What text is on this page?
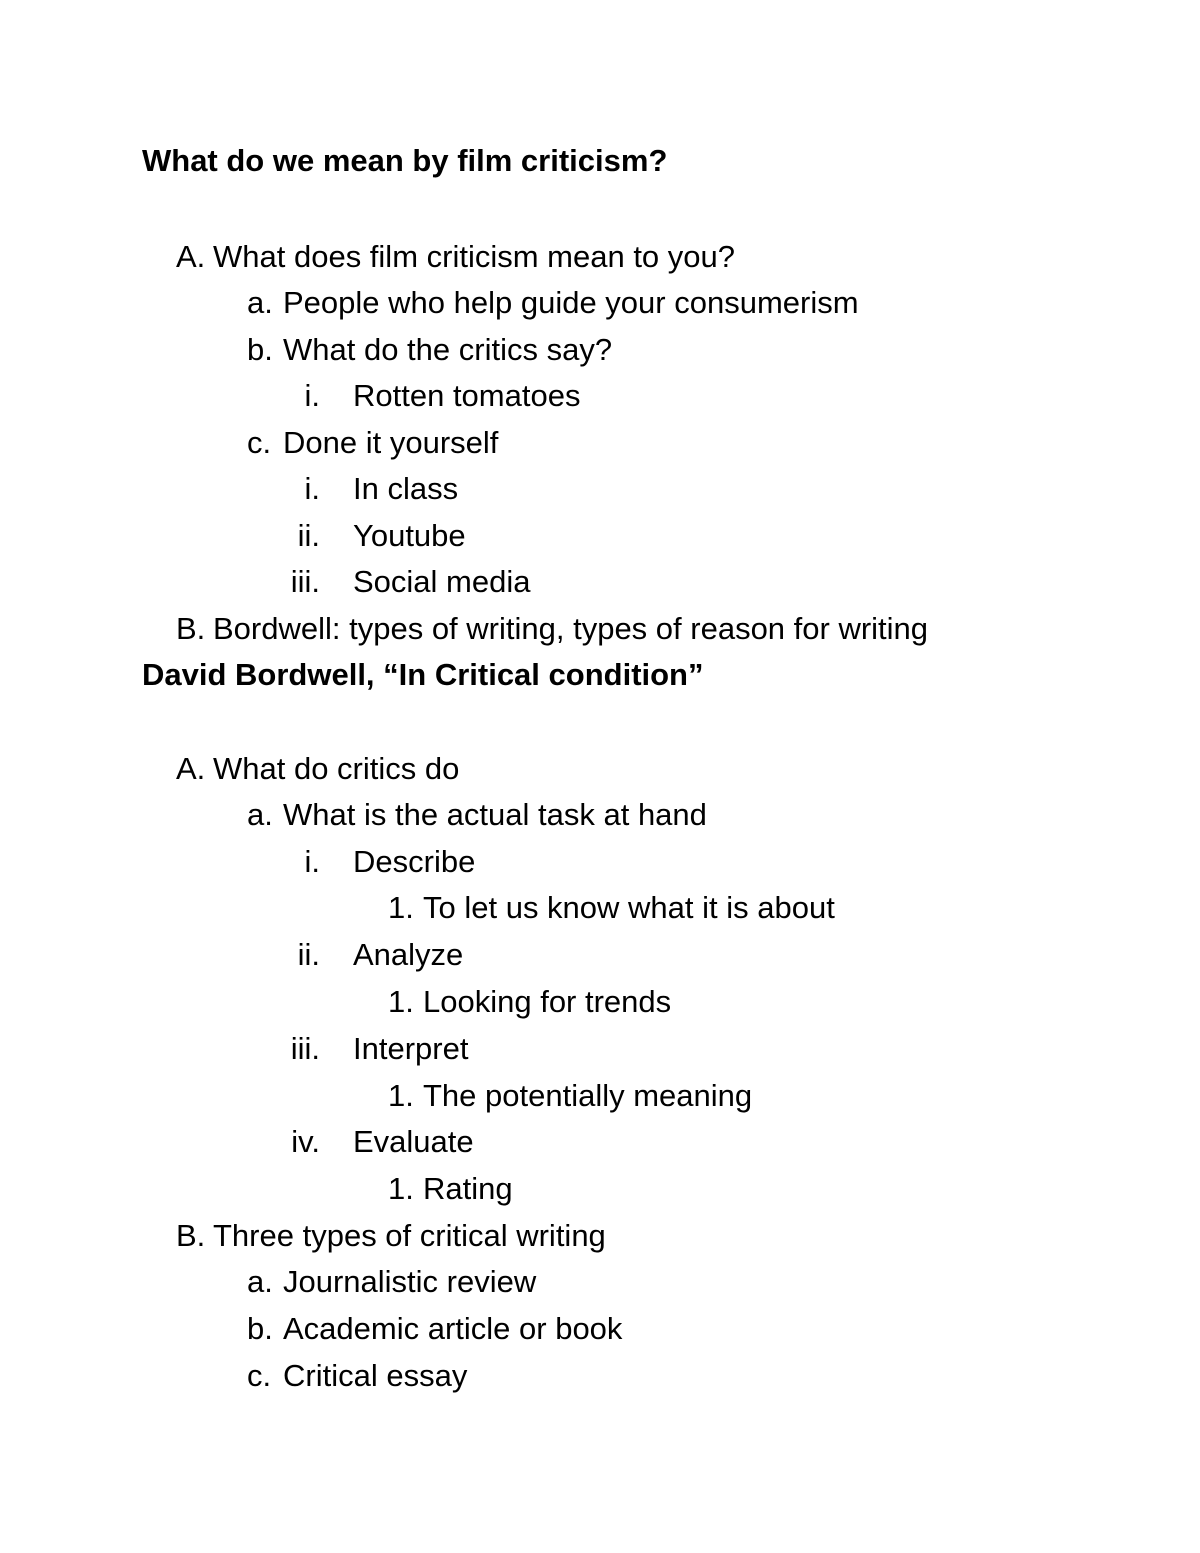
What do we mean by film criticism?
A. What does film criticism mean to you?
a. People who help guide your consumerism
b. What do the critics say?
i. Rotten tomatoes
c. Done it yourself
i. In class
ii. Youtube
iii. Social media
B. Bordwell: types of writing, types of reason for writing
David Bordwell, “In Critical condition”
A. What do critics do
a. What is the actual task at hand
i. Describe
1. To let us know what it is about
ii. Analyze
1. Looking for trends
iii. Interpret
1. The potentially meaning
iv. Evaluate
1. Rating
B. Three types of critical writing
a. Journalistic review
b. Academic article or book
c. Critical essay
